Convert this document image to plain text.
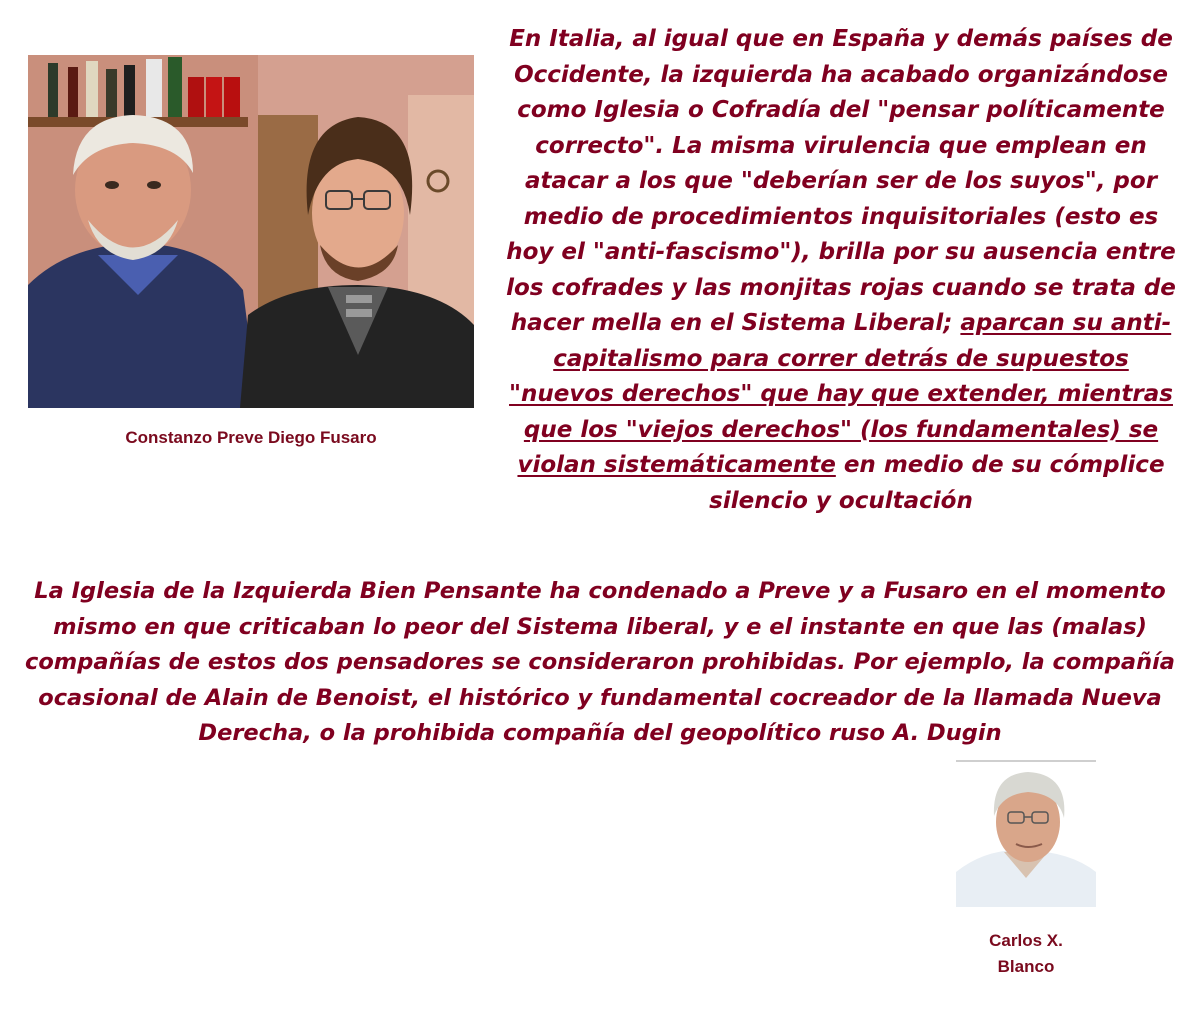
Constanzo Preve Diego Fusaro

En Italia, al igual que en España y demás países de Occidente, la izquierda ha acabado organizándose como Iglesia o Cofradía del "pensar políticamente correcto". La misma virulencia que emplean en atacar a los que "deberían ser de los suyos", por medio de procedimientos inquisitoriales (esto es hoy el "anti-fascismo"), brilla por su ausencia entre los cofrades y las monjitas rojas cuando se trata de hacer mella en el Sistema Liberal; aparcan su anti-capitalismo para correr detrás de supuestos "nuevos derechos" que hay que extender, mientras que los "viejos derechos" (los fundamentales) se violan sistemáticamente en medio de su cómplice silencio y ocultación

La Iglesia de la Izquierda Bien Pensante ha condenado a Preve y a Fusaro en el momento mismo en que criticaban lo peor del Sistema liberal, y e el instante en que las (malas) compañías de estos dos pensadores se consideraron prohibidas. Por ejemplo, la compañía ocasional de Alain de Benoist, el histórico y fundamental cocreador de la llamada Nueva Derecha, o la prohibida compañía del geopolítico ruso A. Dugin

Carlos X.
Blanco
